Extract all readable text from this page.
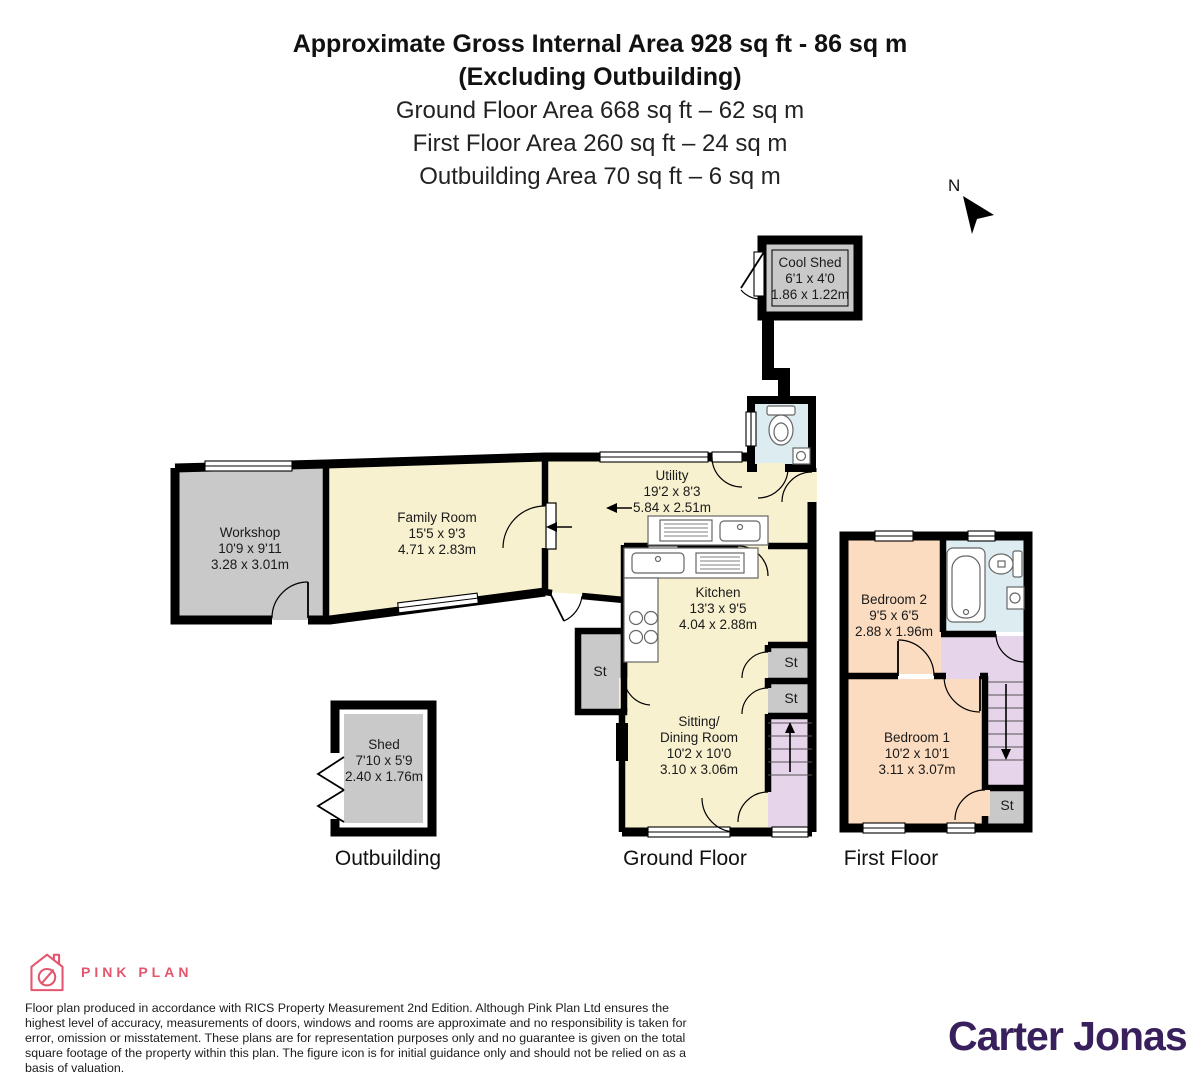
Approximate Gross Internal Area 928 sq ft - 86 sq m
(Excluding Outbuilding)
Ground Floor Area 668 sq ft – 62 sq m
First Floor Area 260 sq ft – 24 sq m
Outbuilding Area 70 sq ft – 6 sq m	N
Cool Shed
6'1 x 4'0
1.86 x 1.22m
Workshop
10'9 x 9'11
3.28 x 3.01m
Family Room
15'5 x 9'3
4.71 x 2.83m
Utility
19'2 x 8'3
5.84 x 2.51m
Kitchen
13'3 x 9'5
4.04 x 2.88m
Sitting/
Dining Room
10'2 x 10'0
3.10 x 3.06m
Bedroom 2
9'5 x 6'5
2.88 x 1.96m
Bedroom 1
10'2 x 10'1
3.11 x 3.07m
Shed
7'10 x 5'9
2.40 x 1.76m
St
St
St
St
Outbuilding	Ground Floor	First Floor
PINK PLAN
Floor plan produced in accordance with RICS Property Measurement 2nd Edition. Although Pink Plan Ltd ensures the highest level of accuracy, measurements of doors, windows and rooms are approximate and no responsibility is taken for error, omission or misstatement. These plans are for representation purposes only and no guarantee is given on the total square footage of the property within this plan. The figure icon is for initial guidance only and should not be relied on as a basis of valuation.
Carter Jonas
